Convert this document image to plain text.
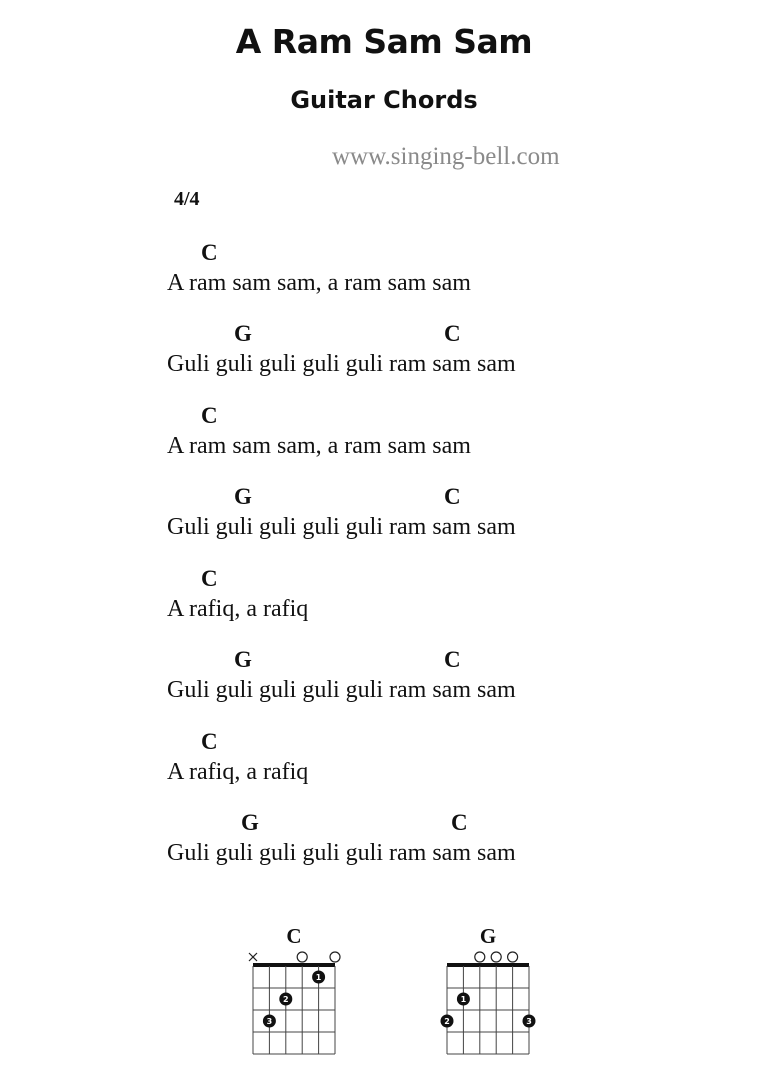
A Ram Sam Sam
Guitar Chords
www.singing-bell.com
4/4
C
A ram sam sam, a ram sam sam
G	C
Guli guli guli guli guli ram sam sam
C
A ram sam sam, a ram sam sam
G	C
Guli guli guli guli guli ram sam sam
C
A rafiq, a rafiq
G	C
Guli guli guli guli guli ram sam sam
C
A rafiq, a rafiq
G	C
Guli guli guli guli guli ram sam sam
C
3
2
1
G
2
1
3
